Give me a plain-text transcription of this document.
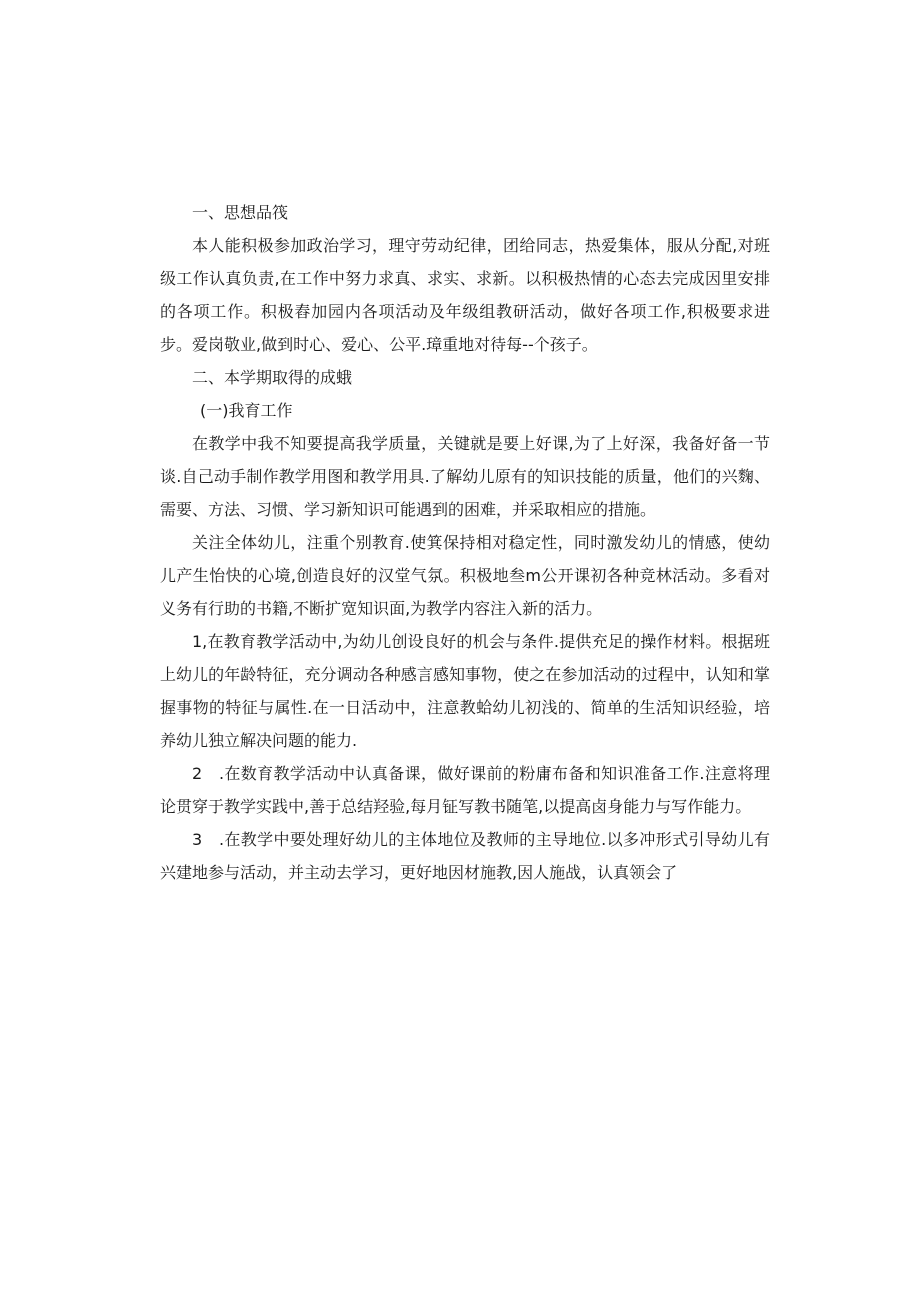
一、思想品筏

本人能积极参加政治学习，理守劳动纪律，团给同志，热爱集体，服从分配,对班级工作认真负责,在工作中努力求真、求实、求新。以积极热情的心态去完成因里安排的各项工作。积极舂加园内各项活动及年级组教研活动，做好各项工作,积极要求进步。爱岗敬业,做到时心、爱心、公平.璋重地对待每--个孩子。

二、本学期取得的成蛾

(一)我育工作

在教学中我不知要提高我学质量，关键就是要上好课,为了上好深，我备好备一节谈.自己动手制作教学用图和教学用具.了解幼儿原有的知识技能的质量，他们的兴麴、需要、方法、习惯、学习新知识可能遇到的困难，并采取相应的措施。

关注全体幼儿，注重个别教育.使箕保持相对稳定性，同时激发幼儿的情感，使幼儿产生怡快的心境,创造良好的汉堂气氛。积极地叁m公开课初各种竞林活动。多看对义务有行助的书籍,不断扩宽知识面,为教学内容注入新的活力。

1,在教育教学活动中,为幼儿创设良好的机会与条件.提供充足的操作材料。根据班上幼儿的年龄特征，充分调动各种感言感知事物，使之在参加活动的过程中，认知和掌握事物的特征与属性.在一日活动中，注意教蛤幼儿初浅的、简单的生活知识经验，培养幼儿独立解决问题的能力.

2　.在数育教学活动中认真备课，做好课前的粉庸布备和知识准备工作.注意将理论贯穿于教学实践中,善于总结羟验,每月钲写教书随笔,以提高卤身能力与写作能力。

3　.在教学中要处理好幼儿的主体地位及教师的主导地位.以多冲形式引导幼儿有兴建地参与活动，并主动去学习，更好地因材施教,因人施战，认真领会了
